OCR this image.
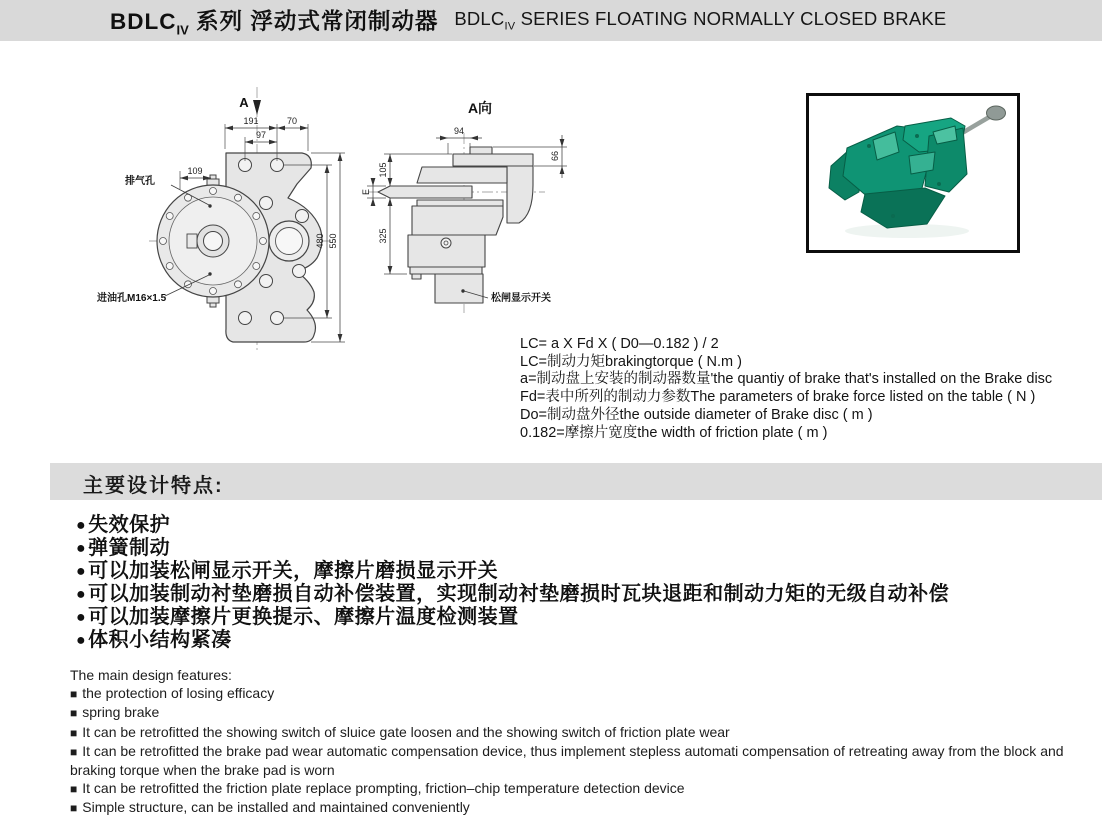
$BDLC_{IV}$ 系列 浮动式常闭制动器 $BDLC_{IV}$ SERIES FLOATING NORMALLY CLOSED BRAKE
A
191	70
97
109
480 550
排气孔
进油孔M16×1.5
A向
94
66
105
E
325
松闸显示开关
LC= a X Fd X ( D0—0.182 ) / 2
LC=制动力矩brakingtorque ( N.m )
a=制动盘上安装的制动器数量'the quantiy of brake that's installed on the Brake disc
Fd=表中所列的制动力参数The parameters of brake force listed on the table ( N )
Do=制动盘外径the outside diameter of Brake disc ( m )
0.182=摩擦片宽度the width of friction plate ( m )
主要设计特点:
● 失效保护
● 弹簧制动
● 可以加装松闸显示开关，摩擦片磨损显示开关
● 可以加装制动衬垫磨损自动补偿装置，实现制动衬垫磨损时瓦块退距和制动力矩的无级自动补偿
● 可以加装摩擦片更换提示、摩擦片温度检测装置
● 体积小结构紧凑
The main design features:
■ the protection of losing efficacy
■ spring brake
■ It can be retrofitted the showing switch of sluice gate loosen and the showing switch of friction plate wear
■ It can be retrofitted the brake pad wear automatic compensation device, thus implement stepless automati compensation of retreating away from the block and braking torque when the brake pad is worn
■ It can be retrofitted the friction plate replace prompting, friction–chip temperature detection device
■ Simple structure, can be installed and maintained conveniently
